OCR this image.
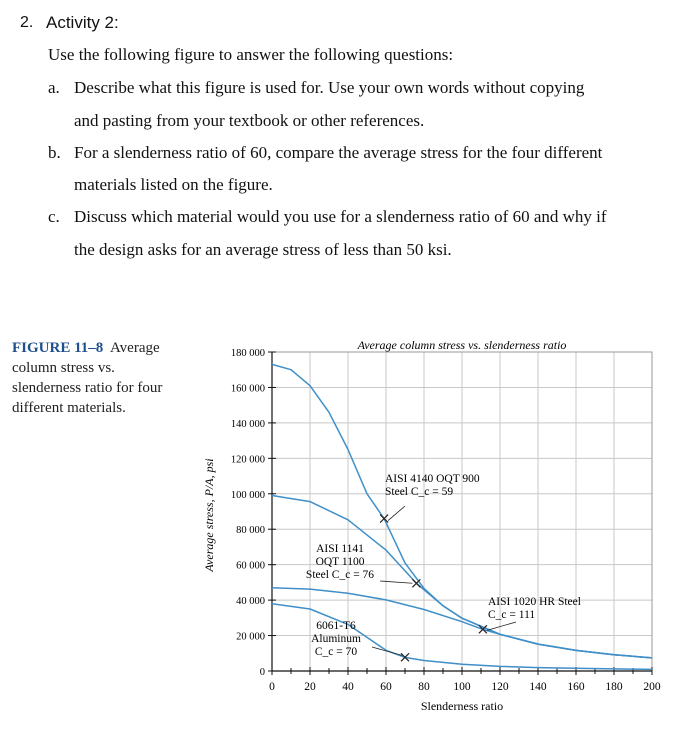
2. Activity 2:
Use the following figure to answer the following questions:
a. Describe what this figure is used for. Use your own words without copying
and pasting from your textbook or other references.
b. For a slenderness ratio of 60, compare the average stress for the four different
materials listed on the figure.
c. Discuss which material would you use for a slenderness ratio of 60 and why if
the design asks for an average stress of less than 50 ksi.
FIGURE 11–8 Average
column stress vs.
slenderness ratio for four
different materials.
0	20 40 60 80 100 120 140 160 180 200
0
20 000
40 000
60 000
80 000
100 000
120 000
140 000
160 000
180 000
AISI 4140 OQT 900
Steel C_c = 59
AISI 1141
OQT 1100
Steel C_c = 76
AISI 1020 HR Steel
C_c = 111
6061-T6
Aluminum
C_c = 70
Average column stress vs. slenderness ratio
Slenderness ratio
Average stress, P/A, psi
